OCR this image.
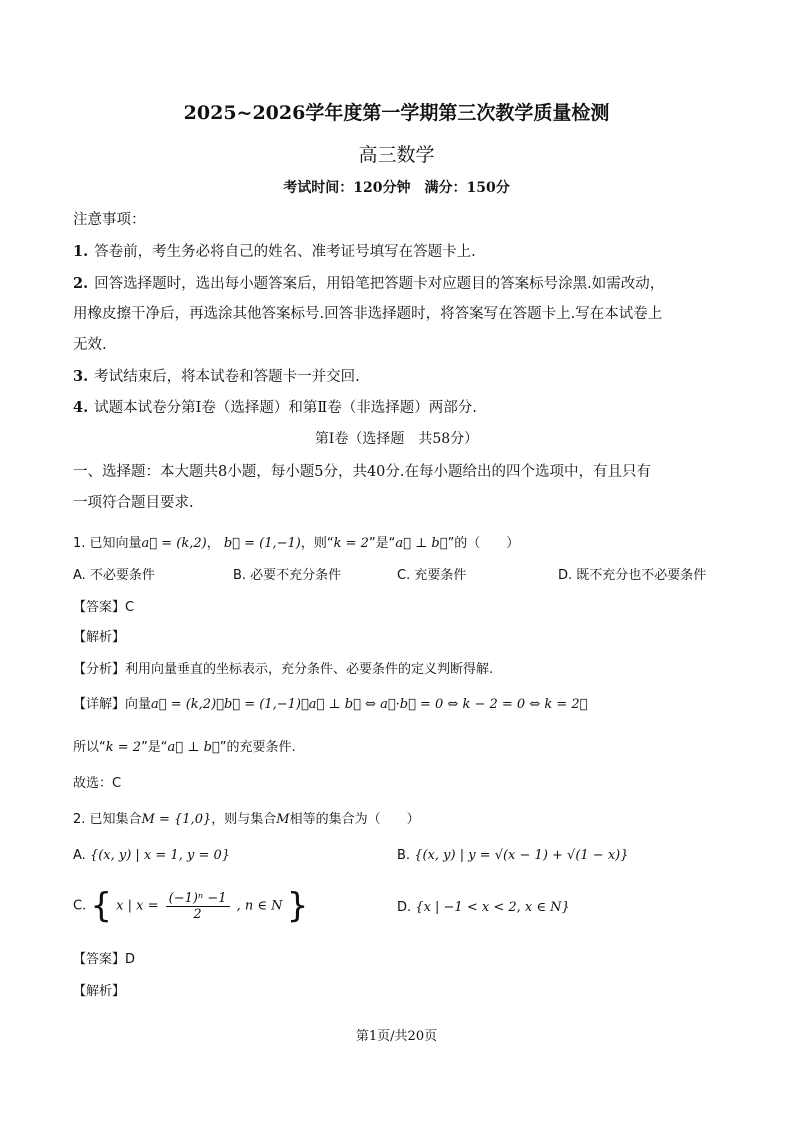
2025~2026学年度第一学期第三次教学质量检测
高三数学
考试时间：120分钟　满分：150分
注意事项：
1. 答卷前，考生务必将自己的姓名、准考证号填写在答题卡上.
2. 回答选择题时，选出每小题答案后，用铅笔把答题卡对应题目的答案标号涂黑.如需改动，
用橡皮擦干净后，再选涂其他答案标号.回答非选择题时，将答案写在答题卡上.写在本试卷上
无效.
3. 考试结束后，将本试卷和答题卡一并交回.
4. 试题本试卷分第Ⅰ卷（选择题）和第Ⅱ卷（非选择题）两部分.
第Ⅰ卷（选择题　共58分）
一、选择题：本大题共8小题，每小题5分，共40分.在每小题给出的四个选项中，有且只有
一项符合题目要求.
1. 已知向量a⃗ = (k,2)， b⃗ = (1,−1)，则“k = 2”是“a⃗ ⊥ b⃗”的（　　）
A. 不必要条件	B. 必要不充分条件	C. 充要条件	D. 既不充分也不必要条件
【答案】C
【解析】
【分析】利用向量垂直的坐标表示，充分条件、必要条件的定义判断得解.
【详解】向量a⃗ = (k,2)，b⃗ = (1,−1)，a⃗ ⊥ b⃗ ⇔ a⃗·b⃗ = 0 ⇔ k − 2 = 0 ⇔ k = 2，
所以“k = 2”是“a⃗ ⊥ b⃗”的充要条件.
故选：C
2. 已知集合M = {1,0}，则与集合M相等的集合为（　　）
A. {(x, y) | x = 1, y = 0}	B. {(x, y) | y = √(x − 1) + √(1 − x)}
C. { x | $x = \frac{\text{(−1)ⁿ −1}}{2}$ , n ∈ N }	D. {x | −1 < x < 2, x ∈ N}
【答案】D
【解析】
第1页/共20页
